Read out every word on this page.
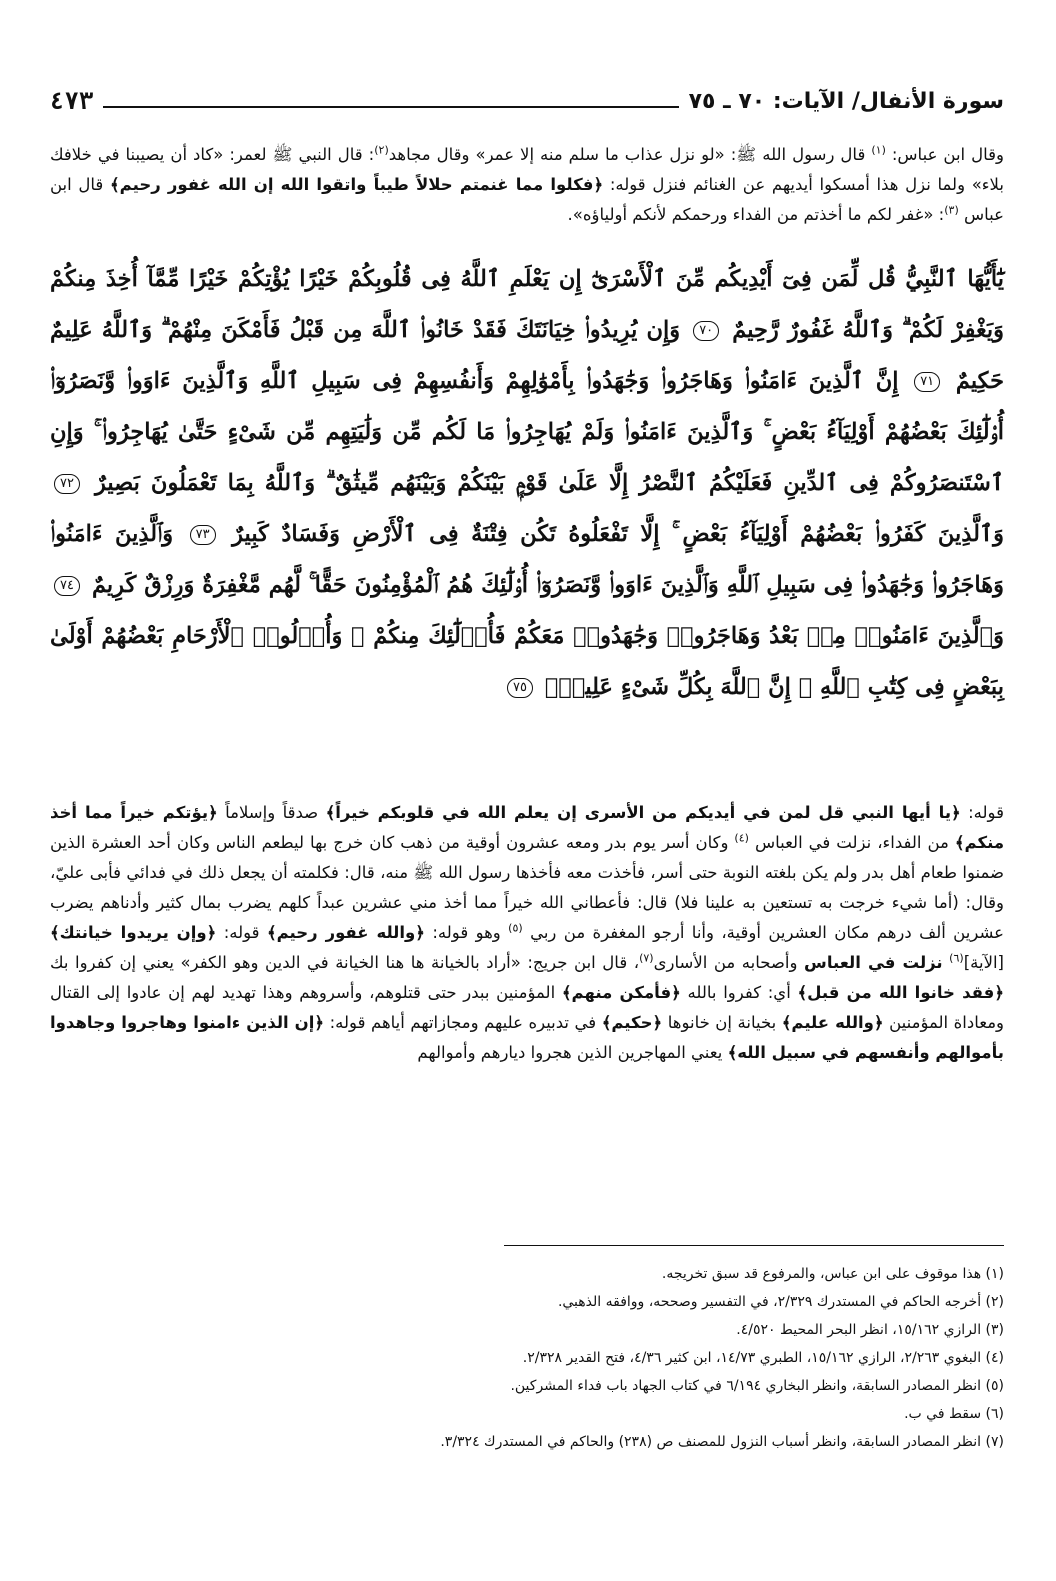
سورة الأنفال/ الآيات: ٧٠ ـ ٧٥
٤٧٣
وقال ابن عباس: $^{(١)}$ قال رسول الله ﷺ: «لو نزل عذاب ما سلم منه إلا عمر» وقال مجاهد$^{(٢)}$: قال النبي ﷺ لعمر: «كاد أن يصيبنا في خلافك بلاء» ولما نزل هذا أمسكوا أيديهم عن الغنائم فنزل قوله: ﴿فكلوا مما غنمتم حلالاً طيباً واتقوا الله إن الله غفور رحيم﴾ قال ابن عباس $^{(٣)}$: «غفر لكم ما أخذتم من الفداء ورحمكم لأنكم أولياؤه».
يَٰٓأَيُّهَا ٱلنَّبِيُّ قُل لِّمَن فِىٓ أَيْدِيكُم مِّنَ ٱلْأَسْرَىٰٓ إِن يَعْلَمِ ٱللَّهُ فِى قُلُوبِكُمْ خَيْرًا يُؤْتِكُمْ خَيْرًا مِّمَّآ أُخِذَ مِنكُمْ وَيَغْفِرْ لَكُمْ ۗ وَٱللَّهُ غَفُورٌ رَّحِيمٌ ٧٠ وَإِن يُرِيدُوا۟ خِيَانَتَكَ فَقَدْ خَانُوا۟ ٱللَّهَ مِن قَبْلُ فَأَمْكَنَ مِنْهُمْ ۗ وَٱللَّهُ عَلِيمٌ حَكِيمٌ ٧١ إِنَّ ٱلَّذِينَ ءَامَنُوا۟ وَهَاجَرُوا۟ وَجَٰهَدُوا۟ بِأَمْوَٰلِهِمْ وَأَنفُسِهِمْ فِى سَبِيلِ ٱللَّهِ وَٱلَّذِينَ ءَاوَوا۟ وَّنَصَرُوٓا۟ أُو۟لَٰٓئِكَ بَعْضُهُمْ أَوْلِيَآءُ بَعْضٍ ۚ وَٱلَّذِينَ ءَامَنُوا۟ وَلَمْ يُهَاجِرُوا۟ مَا لَكُم مِّن وَلَٰيَتِهِم مِّن شَىْءٍ حَتَّىٰ يُهَاجِرُوا۟ ۚ وَإِنِ ٱسْتَنصَرُوكُمْ فِى ٱلدِّينِ فَعَلَيْكُمُ ٱلنَّصْرُ إِلَّا عَلَىٰ قَوْمٍۭ بَيْنَكُمْ وَبَيْنَهُم مِّيثَٰقٌ ۗ وَٱللَّهُ بِمَا تَعْمَلُونَ بَصِيرٌ ٧٢ وَٱلَّذِينَ كَفَرُوا۟ بَعْضُهُمْ أَوْلِيَآءُ بَعْضٍ ۚ إِلَّا تَفْعَلُوهُ تَكُن فِتْنَةٌ فِى ٱلْأَرْضِ وَفَسَادٌ كَبِيرٌ ٧٣ وَٱلَّذِينَ ءَامَنُوا۟ وَهَاجَرُوا۟ وَجَٰهَدُوا۟ فِى سَبِيلِ ٱللَّهِ وَٱلَّذِينَ ءَاوَوا۟ وَّنَصَرُوٓا۟ أُو۟لَٰٓئِكَ هُمُ ٱلْمُؤْمِنُونَ حَقًّا ۚ لَّهُم مَّغْفِرَةٌ وَرِزْقٌ كَرِيمٌ ٧٤ وَٱلَّذِينَ ءَامَنُوا۟ مِنۢ بَعْدُ وَهَاجَرُوا۟ وَجَٰهَدُوا۟ مَعَكُمْ فَأُو۟لَٰٓئِكَ مِنكُمْ ۚ وَأُو۟لُوا۟ ٱلْأَرْحَامِ بَعْضُهُمْ أَوْلَىٰ بِبَعْضٍ فِى كِتَٰبِ ٱللَّهِ ۗ إِنَّ ٱللَّهَ بِكُلِّ شَىْءٍ عَلِيمٌۢ ٧٥
قوله: ﴿يا أيها النبي قل لمن في أيديكم من الأسرى إن يعلم الله في قلوبكم خيراً﴾ صدقاً وإسلاماً ﴿يؤتكم خيراً مما أخذ منكم﴾ من الفداء، نزلت في العباس $^{(٤)}$ وكان أسر يوم بدر ومعه عشرون أوقية من ذهب كان خرج بها ليطعم الناس وكان أحد العشرة الذين ضمنوا طعام أهل بدر ولم يكن بلغته النوبة حتى أسر، فأخذت معه فأخذها رسول الله ﷺ منه، قال: فكلمته أن يجعل ذلك في فدائي فأبى عليّ، وقال: (أما شيء خرجت به تستعين به علينا فلا) قال: فأعطاني الله خيراً مما أخذ مني عشرين عبداً كلهم يضرب بمال كثير وأدناهم يضرب عشرين ألف درهم مكان العشرين أوقية، وأنا أرجو المغفرة من ربي $^{(٥)}$ وهو قوله: ﴿والله غفور رحيم﴾ قوله: ﴿وإن يريدوا خيانتك﴾ [الآية]$^{(٦)}$ نزلت في العباس وأصحابه من الأسارى$^{(٧)}$، قال ابن جريج: «أراد بالخيانة ها هنا الخيانة في الدين وهو الكفر» يعني إن كفروا بك ﴿فقد خانوا الله من قبل﴾ أي: كفروا بالله ﴿فأمكن منهم﴾ المؤمنين ببدر حتى قتلوهم، وأسروهم وهذا تهديد لهم إن عادوا إلى القتال ومعاداة المؤمنين ﴿والله عليم﴾ بخيانة إن خانوها ﴿حكيم﴾ في تدبيره عليهم ومجازاتهم أياهم قوله: ﴿إن الذين ءامنوا وهاجروا وجاهدوا بأموالهم وأنفسهم في سبيل الله﴾ يعني المهاجرين الذين هجروا ديارهم وأموالهم
(١) هذا موقوف على ابن عباس، والمرفوع قد سبق تخريجه.
(٢) أخرجه الحاكم في المستدرك ٢/٣٢٩، في التفسير وصححه، ووافقه الذهبي.
(٣) الرازي ١٥/١٦٢، انظر البحر المحيط ٤/٥٢٠.
(٤) البغوي ٢/٢٦٣، الرازي ١٥/١٦٢، الطبري ١٤/٧٣، ابن كثير ٤/٣٦، فتح القدير ٢/٣٢٨.
(٥) انظر المصادر السابقة، وانظر البخاري ٦/١٩٤ في كتاب الجهاد باب فداء المشركين.
(٦) سقط في ب.
(٧) انظر المصادر السابقة، وانظر أسباب النزول للمصنف ص (٢٣٨) والحاكم في المستدرك ٣/٣٢٤.
